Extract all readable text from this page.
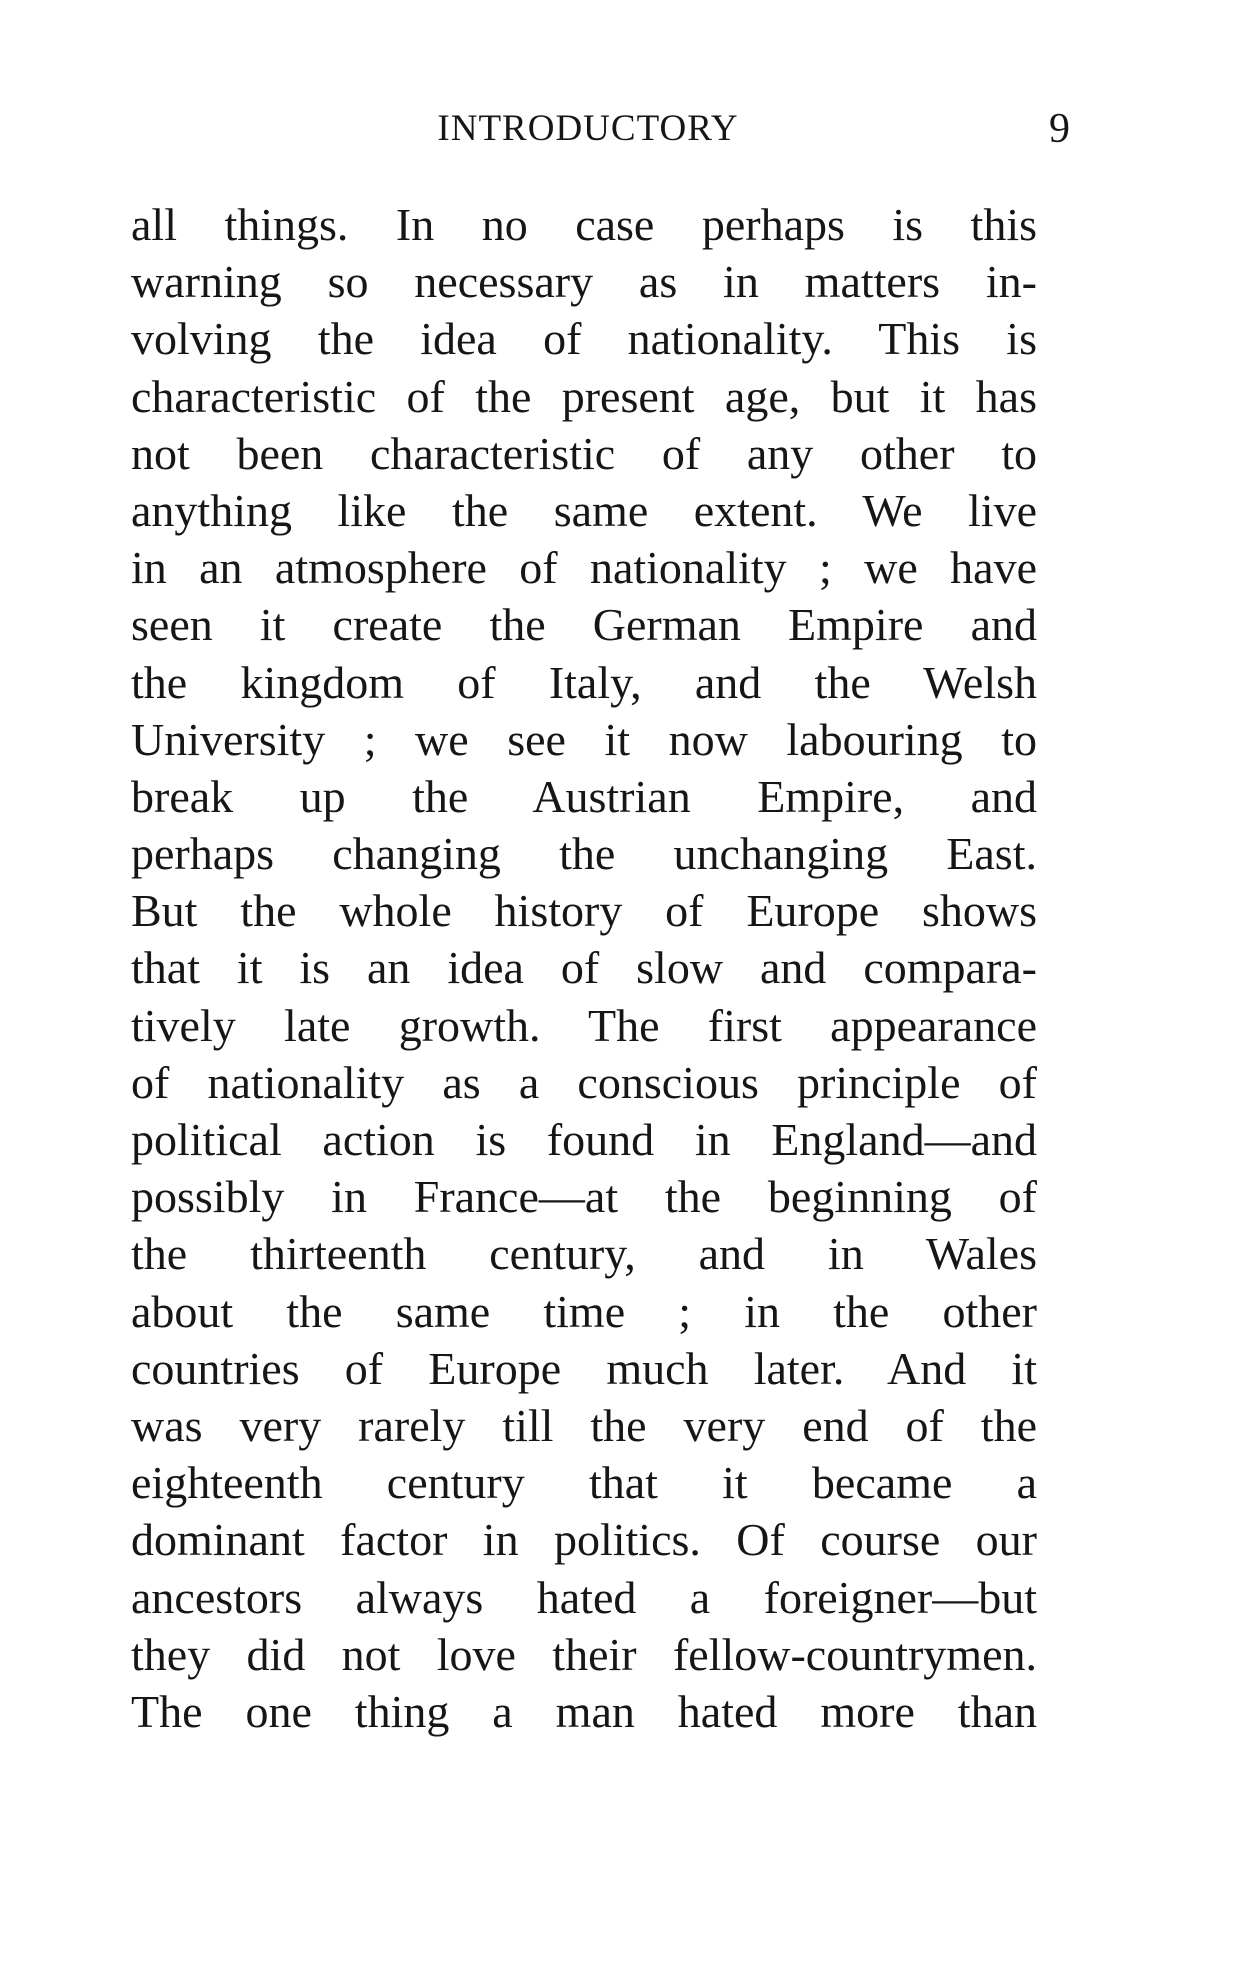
INTRODUCTORY	9
all things. In no case perhaps is this
warning so necessary as in matters in-
volving the idea of nationality. This is
characteristic of the present age, but it has
not been characteristic of any other to
anything like the same extent. We live
in an atmosphere of nationality ; we have
seen it create the German Empire and
the kingdom of Italy, and the Welsh
University ; we see it now labouring to
break up the Austrian Empire, and
perhaps changing the unchanging East.
But the whole history of Europe shows
that it is an idea of slow and compara-
tively late growth. The first appearance
of nationality as a conscious principle of
political action is found in England—and
possibly in France—at the beginning of
the thirteenth century, and in Wales
about the same time ; in the other
countries of Europe much later. And it
was very rarely till the very end of the
eighteenth century that it became a
dominant factor in politics. Of course our
ancestors always hated a foreigner—but
they did not love their fellow-countrymen.
The one thing a man hated more than
